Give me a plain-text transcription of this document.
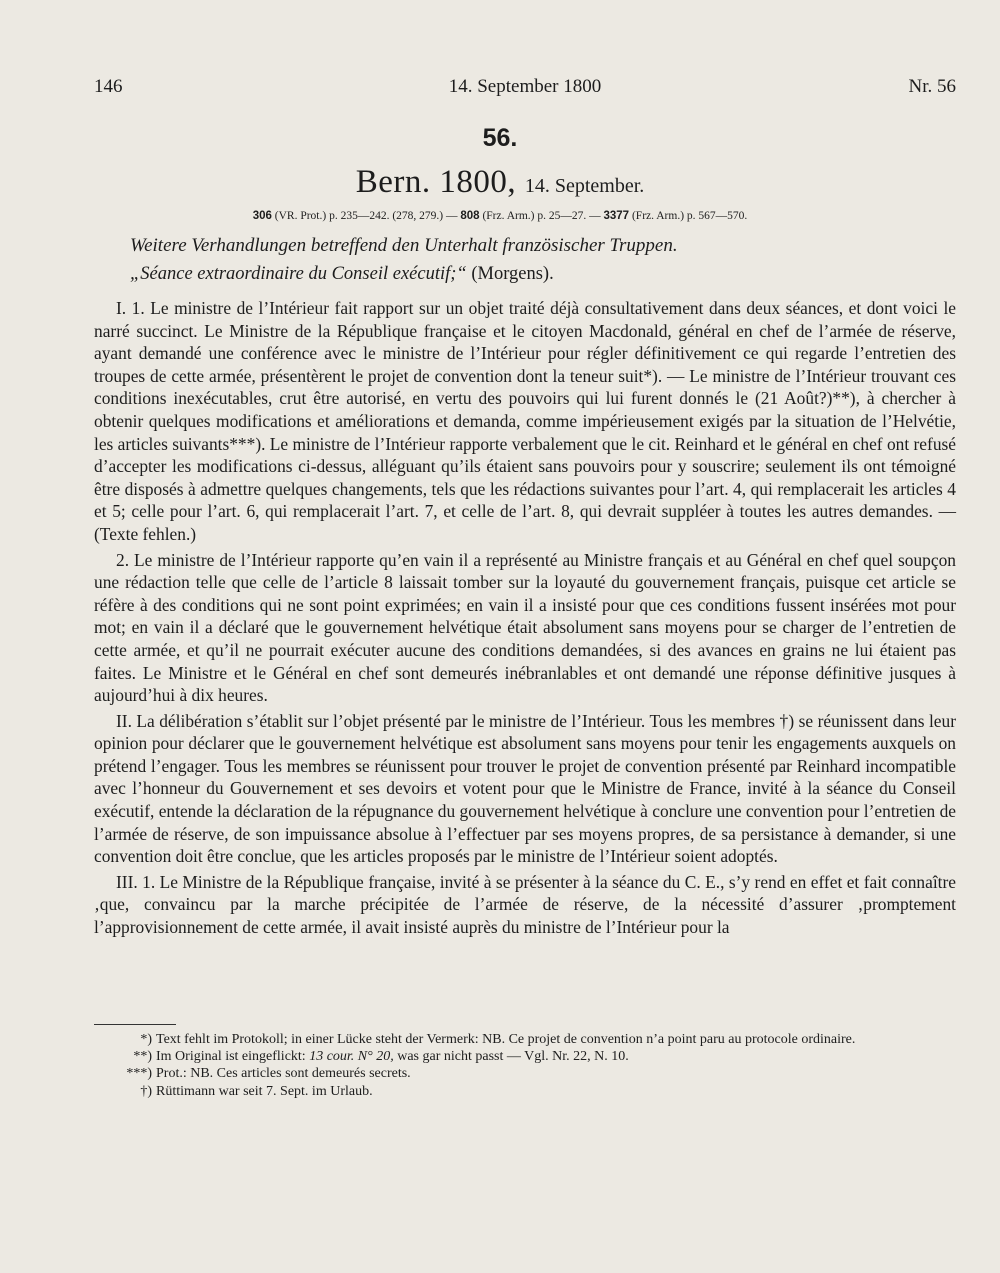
146	14. September 1800	Nr. 56
56.
Bern. 1800, 14. September.
306 (VR. Prot.) p. 235—242. (278, 279.) — 808 (Frz. Arm.) p. 25—27. — 3377 (Frz. Arm.) p. 567—570.
Weitere Verhandlungen betreffend den Unterhalt französischer Truppen.
„Séance extraordinaire du Conseil exécutif;“ (Morgens).

I. 1. Le ministre de l’Intérieur fait rapport sur un objet traité déjà consultativement dans deux séances, et dont voici le narré succinct. Le Ministre de la République française et le citoyen Macdonald, général en chef de l’armée de réserve, ayant demandé une conférence avec le ministre de l’Intérieur pour régler définitivement ce qui regarde l’entretien des troupes de cette armée, présentèrent le projet de convention dont la teneur suit*). — Le ministre de l’Intérieur trouvant ces conditions inexécutables, crut être autorisé, en vertu des pouvoirs qui lui furent donnés le (21 Août?)**), à chercher à obtenir quelques modifications et améliorations et demanda, comme impérieusement exigés par la situation de l’Helvétie, les articles suivants***). Le ministre de l’Intérieur rapporte verbalement que le cit. Reinhard et le général en chef ont refusé d’accepter les modifications ci-dessus, alléguant qu’ils étaient sans pouvoirs pour y souscrire; seulement ils ont témoigné être disposés à admettre quelques changements, tels que les rédactions suivantes pour l’art. 4, qui remplacerait les articles 4 et 5; celle pour l’art. 6, qui remplacerait l’art. 7, et celle de l’art. 8, qui devrait suppléer à toutes les autres demandes. — (Texte fehlen.)

2. Le ministre de l’Intérieur rapporte qu’en vain il a représenté au Ministre français et au Général en chef quel soupçon une rédaction telle que celle de l’article 8 laissait tomber sur la loyauté du gouvernement français, puisque cet article se réfère à des conditions qui ne sont point exprimées; en vain il a insisté pour que ces conditions fussent insérées mot pour mot; en vain il a déclaré que le gouvernement helvétique était absolument sans moyens pour se charger de l’entretien de cette armée, et qu’il ne pourrait exécuter aucune des conditions demandées, si des avances en grains ne lui étaient pas faites. Le Ministre et le Général en chef sont demeurés inébranlables et ont demandé une réponse définitive jusques à aujourd’hui à dix heures.

II. La délibération s’établit sur l’objet présenté par le ministre de l’Intérieur. Tous les membres †) se réunissent dans leur opinion pour déclarer que le gouvernement helvétique est absolument sans moyens pour tenir les engagements auxquels on prétend l’engager. Tous les membres se réunissent pour trouver le projet de convention présenté par Reinhard incompatible avec l’honneur du Gouvernement et ses devoirs et votent pour que le Ministre de France, invité à la séance du Conseil exécutif, entende la déclaration de la répugnance du gouvernement helvétique à conclure une convention pour l’entretien de l’armée de réserve, de son impuissance absolue à l’effectuer par ses moyens propres, de sa persistance à demander, si une convention doit être conclue, que les articles proposés par le ministre de l’Intérieur soient adoptés.

III. 1. Le Ministre de la République française, invité à se présenter à la séance du C. E., s’y rend en effet et fait connaître ‚que, convaincu par la marche précipitée de l’armée de réserve, de la nécessité d’assurer ‚promptement l’approvisionnement de cette armée, il avait insisté auprès du ministre de l’Intérieur pour la

*) Text fehlt im Protokoll; in einer Lücke steht der Vermerk: NB. Ce projet de convention n’a point paru au protocole ordinaire.
**) Im Original ist eingeflickt: 13 cour. N° 20, was gar nicht passt — Vgl. Nr. 22, N. 10.
***) Prot.: NB. Ces articles sont demeurés secrets.
†) Rüttimann war seit 7. Sept. im Urlaub.
